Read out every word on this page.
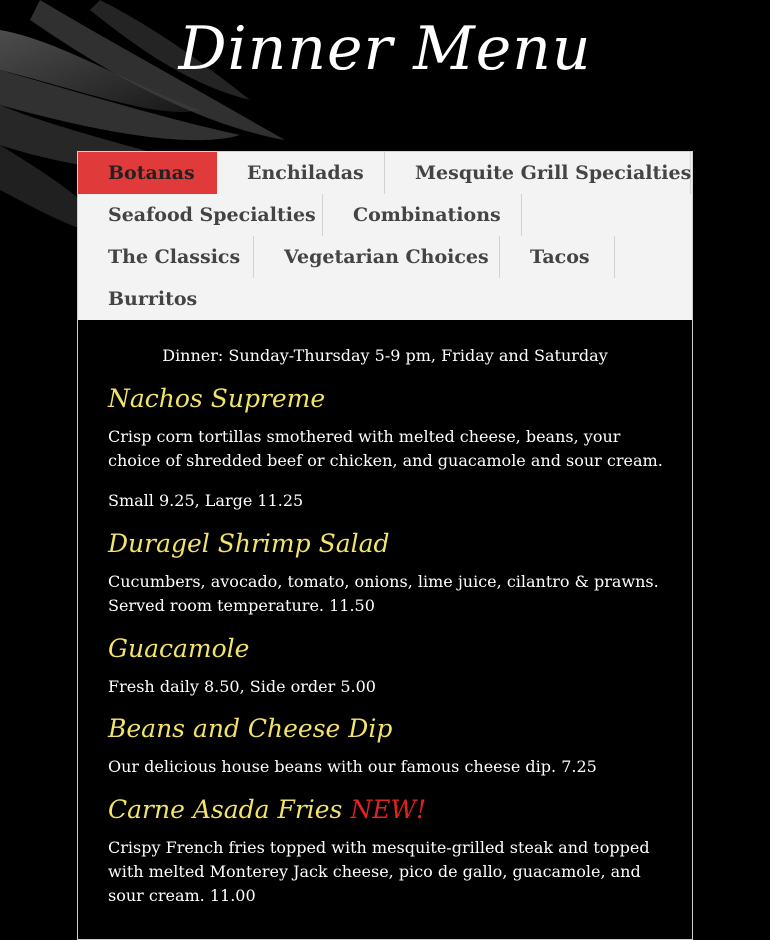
Dinner Menu
Botanas	Enchiladas	Mesquite Grill Specialties
Seafood Specialties	Combinations
The Classics	Vegetarian Choices	Tacos
Burritos
Dinner: Sunday-Thursday 5-9 pm, Friday and Saturday
Nachos Supreme
Crisp corn tortillas smothered with melted cheese, beans, your choice of shredded beef or chicken, and guacamole and sour cream.
Small 9.25, Large 11.25
Duragel Shrimp Salad
Cucumbers, avocado, tomato, onions, lime juice, cilantro & prawns. Served room temperature. 11.50
Guacamole
Fresh daily 8.50, Side order 5.00
Beans and Cheese Dip
Our delicious house beans with our famous cheese dip. 7.25
Carne Asada Fries NEW!
Crispy French fries topped with mesquite-grilled steak and topped with melted Monterey Jack cheese, pico de gallo, guacamole, and sour cream. 11.00
